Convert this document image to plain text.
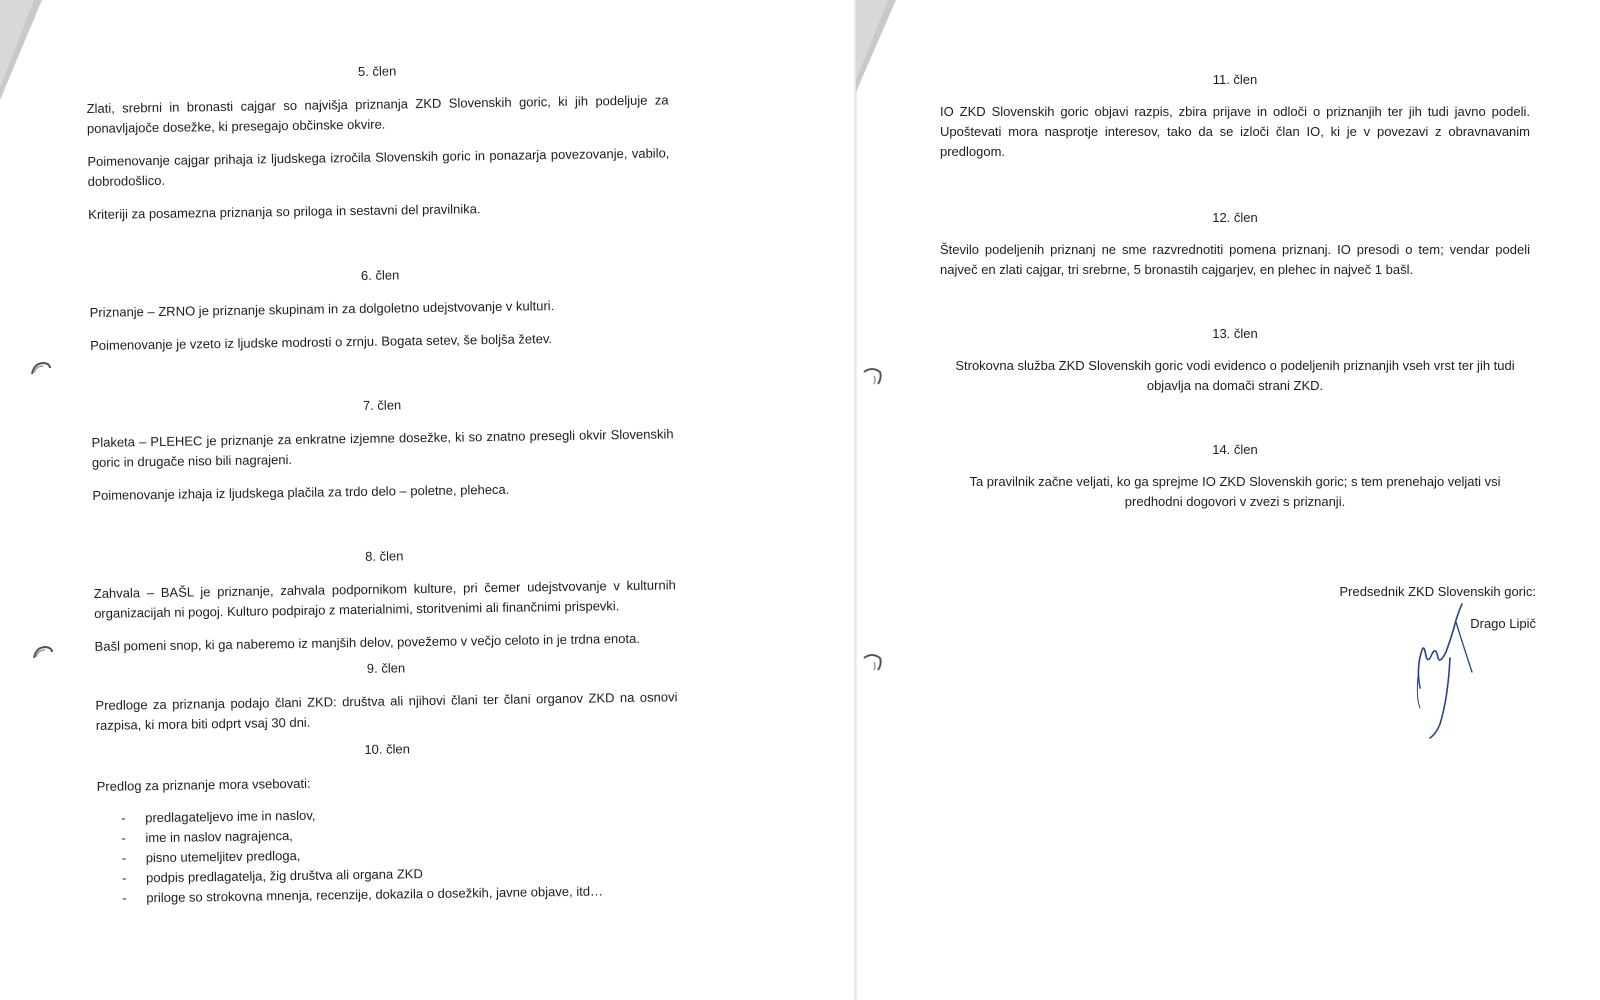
5. člen

Zlati, srebrni in bronasti cajgar so najvišja priznanja ZKD Slovenskih goric, ki jih podeljuje za ponavljajoče dosežke, ki presegajo občinske okvire.

Poimenovanje cajgar prihaja iz ljudskega izročila Slovenskih goric in ponazarja povezovanje, vabilo, dobrodošlico.

Kriteriji za posamezna priznanja so priloga in sestavni del pravilnika.

6. člen

Priznanje – ZRNO je priznanje skupinam in za dolgoletno udejstvovanje v kulturi.

Poimenovanje je vzeto iz ljudske modrosti o zrnju. Bogata setev, še boljša žetev.

7. člen

Plaketa – PLEHEC je priznanje za enkratne izjemne dosežke, ki so znatno presegli okvir Slovenskih goric in drugače niso bili nagrajeni.

Poimenovanje izhaja iz ljudskega plačila za trdo delo – poletne, pleheca.

8. člen

Zahvala – BAŠL je priznanje, zahvala podpornikom kulture, pri čemer udejstvovanje v kulturnih organizacijah ni pogoj. Kulturo podpirajo z materialnimi, storitvenimi ali finančnimi prispevki.

Bašl pomeni snop, ki ga naberemo iz manjših delov, povežemo v večjo celoto in je trdna enota.

9. člen

Predloge za priznanja podajo člani ZKD: društva ali njihovi člani ter člani organov ZKD na osnovi razpisa, ki mora biti odprt vsaj 30 dni.

10. člen

Predlog za priznanje mora vsebovati:

- predlagateljevo ime in naslov,
- ime in naslov nagrajenca,
- pisno utemeljitev predloga,
- podpis predlagatelja, žig društva ali organa ZKD
- priloge so strokovna mnenja, recenzije, dokazila o dosežkih, javne objave, itd…

11. člen

IO ZKD Slovenskih goric objavi razpis, zbira prijave in odloči o priznanjih ter jih tudi javno podeli. Upoštevati mora nasprotje interesov, tako da se izloči član IO, ki je v povezavi z obravnavanim predlogom.

12. člen

Število podeljenih priznanj ne sme razvrednotiti pomena priznanj. IO presodi o tem; vendar podeli največ en zlati cajgar, tri srebrne, 5 bronastih cajgarjev, en plehec in največ 1 bašl.

13. člen

Strokovna služba ZKD Slovenskih goric vodi evidenco o podeljenih priznanjih vseh vrst ter jih tudi objavlja na domači strani ZKD.

14. člen

Ta pravilnik začne veljati, ko ga sprejme IO ZKD Slovenskih goric; s tem prenehajo veljati vsi predhodni dogovori v zvezi s priznanji.

Predsednik ZKD Slovenskih goric:
Drago Lipič
